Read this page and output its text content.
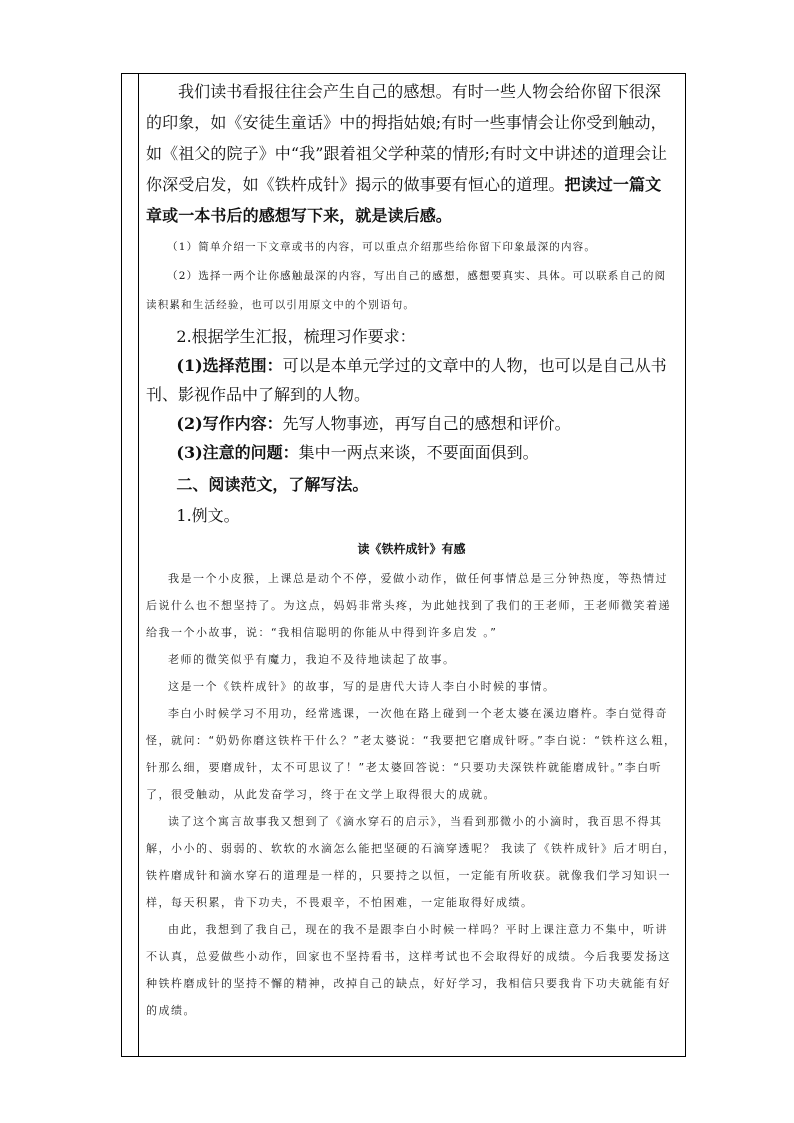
我们读书看报往往会产生自己的感想。有时一些人物会给你留下很深的印象，如《安徒生童话》中的拇指姑娘;有时一些事情会让你受到触动，如《祖父的院子》中“我”跟着祖父学种菜的情形;有时文中讲述的道理会让你深受启发，如《铁杵成针》揭示的做事要有恒心的道理。把读过一篇文章或一本书后的感想写下来，就是读后感。

（1）简单介绍一下文章或书的内容，可以重点介绍那些给你留下印象最深的内容。

（2）选择一两个让你感触最深的内容，写出自己的感想，感想要真实、具体。可以联系自己的阅读积累和生活经验，也可以引用原文中的个别语句。

2.根据学生汇报，梳理习作要求：

(1)选择范围：可以是本单元学过的文章中的人物，也可以是自己从书刊、影视作品中了解到的人物。

(2)写作内容：先写人物事迹，再写自己的感想和评价。

(3)注意的问题：集中一两点来谈，不要面面俱到。

二、阅读范文，了解写法。

1.例文。

读《铁杵成针》有感

我是一个小皮猴，上课总是动个不停，爱做小动作，做任何事情总是三分钟热度，等热情过后说什么也不想坚持了。为这点，妈妈非常头疼，为此她找到了我们的王老师，王老师微笑着递给我一个小故事，说：“我相信聪明的你能从中得到许多启发 。”

老师的微笑似乎有魔力，我迫不及待地读起了故事。

这是一个《铁杵成针》的故事，写的是唐代大诗人李白小时候的事情。

李白小时候学习不用功，经常逃课，一次他在路上碰到一个老太婆在溪边磨杵。李白觉得奇怪，就问：“奶奶你磨这铁杵干什么？”老太婆说：“我要把它磨成针呀。”李白说：“铁杵这么粗，针那么细，要磨成针，太不可思议了！”老太婆回答说：“只要功夫深铁杵就能磨成针。”李白听了，很受触动，从此发奋学习，终于在文学上取得很大的成就。

读了这个寓言故事我又想到了《滴水穿石的启示》，当看到那微小的小滴时，我百思不得其解，小小的、弱弱的、软软的水滴怎么能把坚硬的石滴穿透呢？ 我读了《铁杵成针》后才明白，铁杵磨成针和滴水穿石的道理是一样的，只要持之以恒，一定能有所收获。就像我们学习知识一样，每天积累，肯下功夫，不畏艰辛，不怕困难，一定能取得好成绩。

由此，我想到了我自己，现在的我不是跟李白小时候一样吗？平时上课注意力不集中，听讲不认真，总爱做些小动作，回家也不坚持看书，这样考试也不会取得好的成绩。今后我要发扬这种铁杵磨成针的坚持不懈的精神，改掉自己的缺点，好好学习，我相信只要我肯下功夫就能有好的成绩。
